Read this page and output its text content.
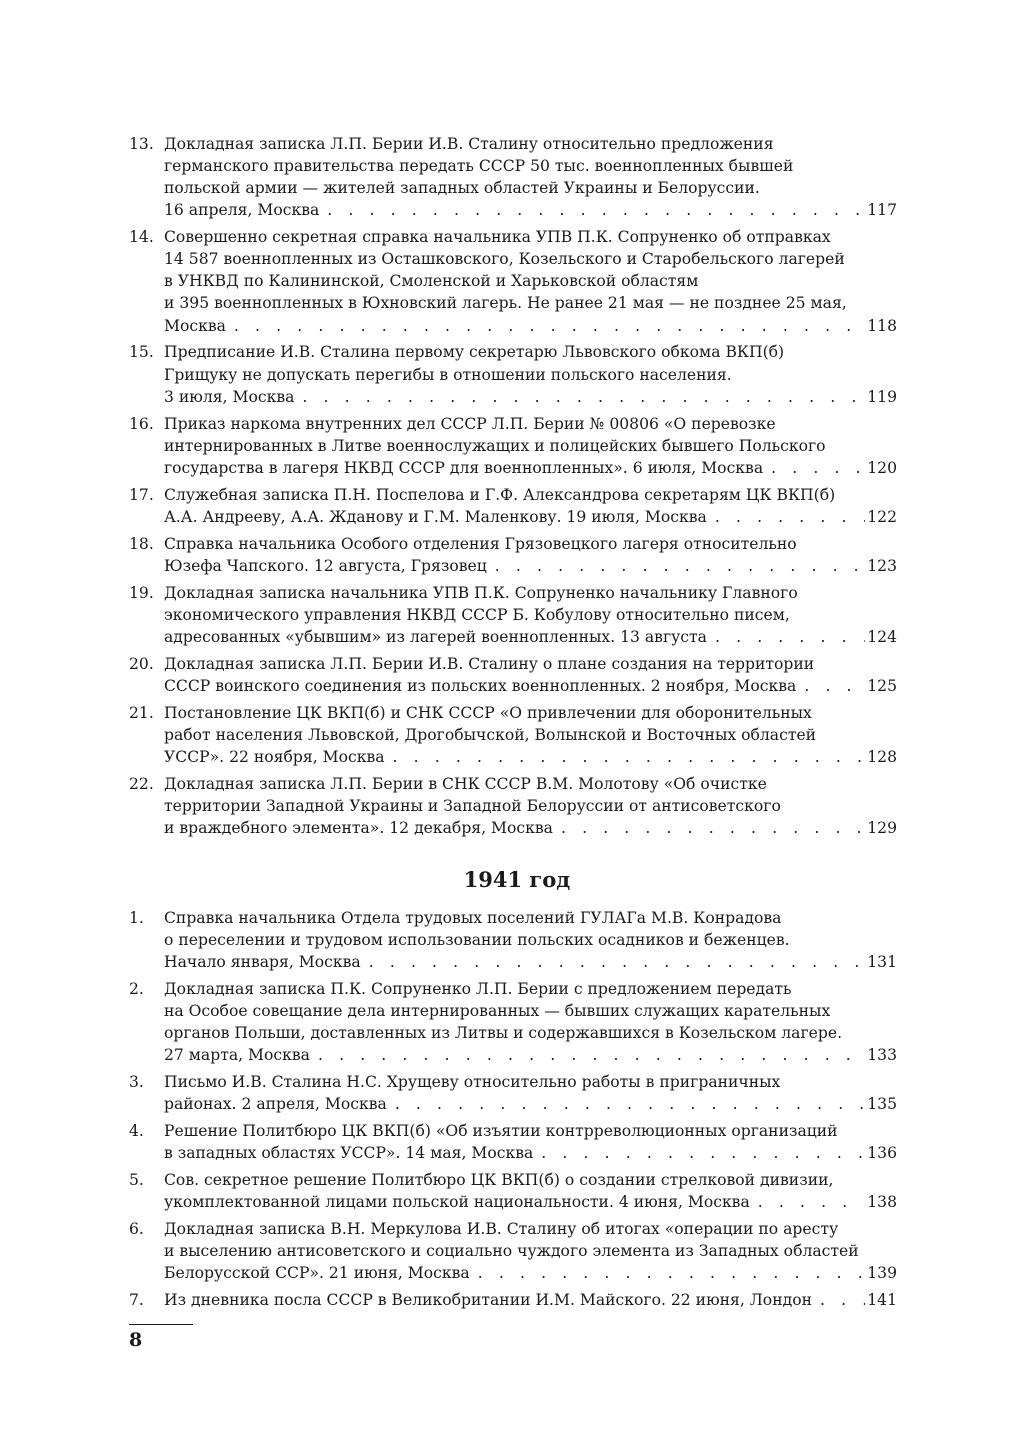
13. Докладная записка Л.П. Берии И.В. Сталину относительно предложения
германского правительства передать СССР 50 тыс. военнопленных бывшей
польской армии — жителей западных областей Украины и Белоруссии.
16 апреля, Москва . . .	117
14. Совершенно секретная справка начальника УПВ П.К. Сопруненко об отправках
14 587 военнопленных из Осташковского, Козельского и Старобельского лагерей
в УНКВД по Калининской, Смоленской и Харьковской областям
и 395 военнопленных в Юхновский лагерь. Не ранее 21 мая — не позднее 25 мая,
Москва . . .	118
15. Предписание И.В. Сталина первому секретарю Львовского обкома ВКП(б)
Грищуку не допускать перегибы в отношении польского населения.
3 июля, Москва . . .	119
16. Приказ наркома внутренних дел СССР Л.П. Берии № 00806 «О перевозке
интернированных в Литве военнослужащих и полицейских бывшего Польского
государства в лагеря НКВД СССР для военнопленных». 6 июля, Москва . . .	120
17. Служебная записка П.Н. Поспелова и Г.Ф. Александрова секретарям ЦК ВКП(б)
А.А. Андрееву, А.А. Жданову и Г.М. Маленкову. 19 июля, Москва . . .	122
18. Справка начальника Особого отделения Грязовецкого лагеря относительно
Юзефа Чапского. 12 августа, Грязовец . . .	123
19. Докладная записка начальника УПВ П.К. Сопруненко начальнику Главного
экономического управления НКВД СССР Б. Кобулову относительно писем,
адресованных «убывшим» из лагерей военнопленных. 13 августа . . .	124
20. Докладная записка Л.П. Берии И.В. Сталину о плане создания на территории
СССР воинского соединения из польских военнопленных. 2 ноября, Москва . . .	125
21. Постановление ЦК ВКП(б) и СНК СССР «О привлечении для оборонительных
работ населения Львовской, Дрогобычской, Волынской и Восточных областей
УССР». 22 ноября, Москва . . .	128
22. Докладная записка Л.П. Берии в СНК СССР В.М. Молотову «Об очистке
территории Западной Украины и Западной Белоруссии от антисоветского
и враждебного элемента». 12 декабря, Москва . . .	129
1941 год
1.	Справка начальника Отдела трудовых поселений ГУЛАГа М.В. Конрадова
о переселении и трудовом использовании польских осадников и беженцев.
Начало января, Москва . . .	131
2.	Докладная записка П.К. Сопруненко Л.П. Берии с предложением передать
на Особое совещание дела интернированных — бывших служащих карательных
органов Польши, доставленных из Литвы и содержавшихся в Козельском лагере.
27 марта, Москва . . .	133
3.	Письмо И.В. Сталина Н.С. Хрущеву относительно работы в приграничных
районах. 2 апреля, Москва . . .	135
4.	Решение Политбюро ЦК ВКП(б) «Об изъятии контрреволюционных организаций
в западных областях УССР». 14 мая, Москва . . .	136
5.	Сов. секретное решение Политбюро ЦК ВКП(б) о создании стрелковой дивизии,
укомплектованной лицами польской национальности. 4 июня, Москва . . .	138
6.	Докладная записка В.Н. Меркулова И.В. Сталину об итогах «операции по аресту
и выселению антисоветского и социально чуждого элемента из Западных областей
Белорусской ССР». 21 июня, Москва . . .	139
7.	Из дневника посла СССР в Великобритании И.М. Майского. 22 июня, Лондон . . .	141
8
